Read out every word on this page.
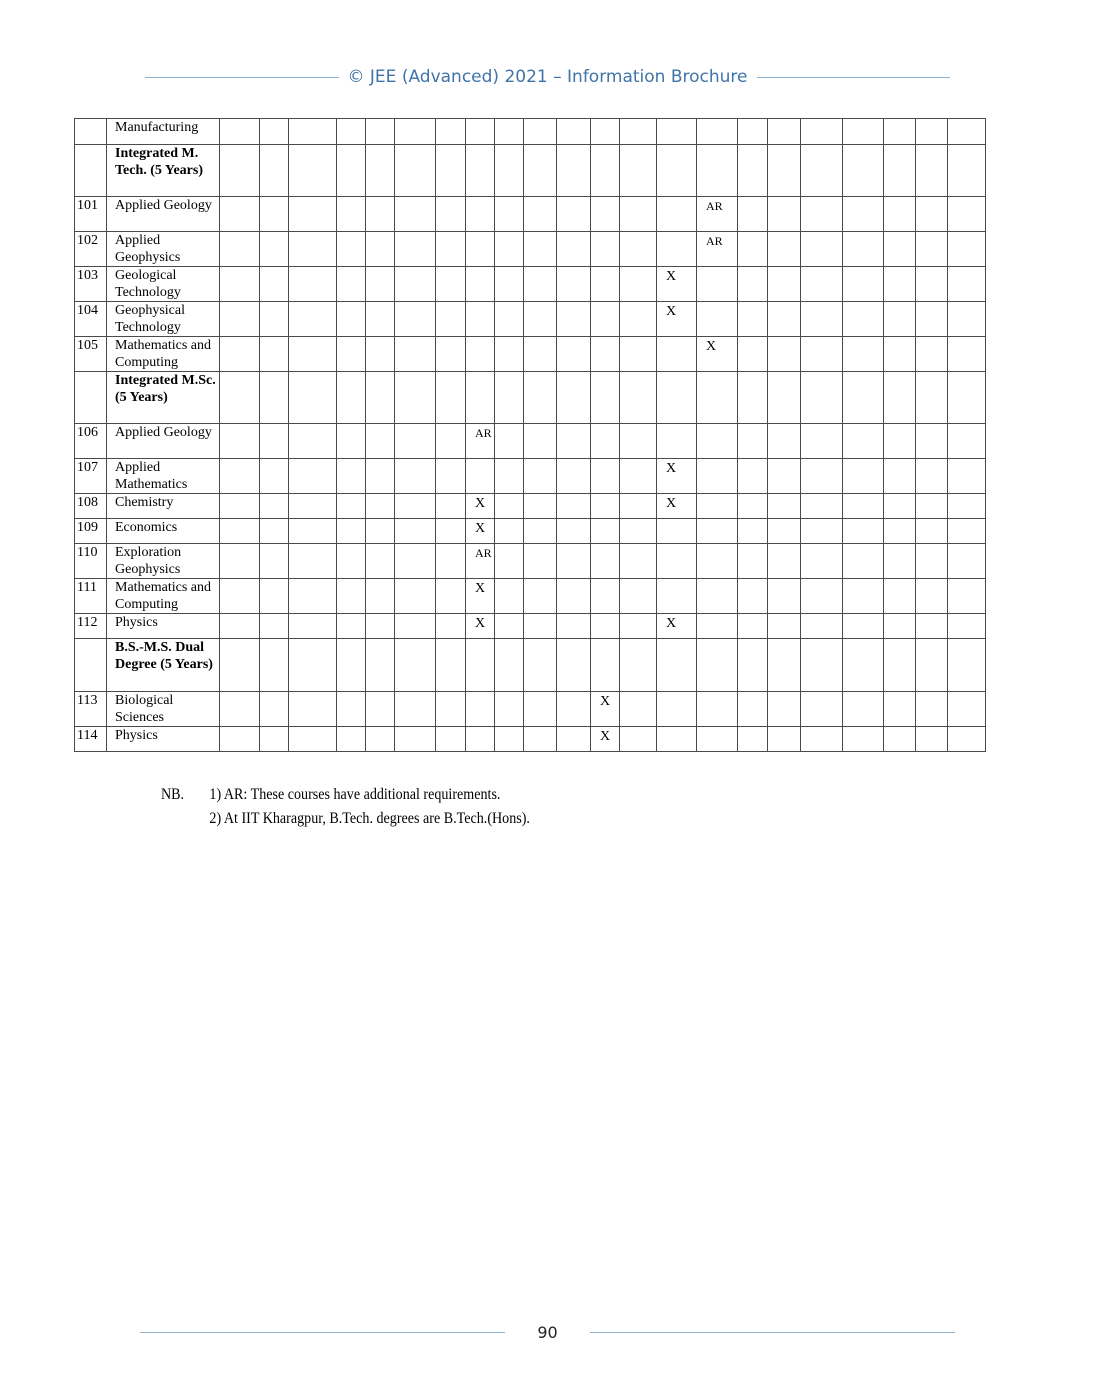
© JEE (Advanced) 2021 – Information Brochure
	Manufacturing																						
	Integrated M. Tech. (5 Years)																						
101	Applied Geology															AR							
102	Applied Geophysics															AR							
103	Geological Technology														X								
104	Geophysical Technology														X								
105	Mathematics and Computing															X							
	Integrated M.Sc. (5 Years)																						
106	Applied Geology								AR														
107	Applied Mathematics														X								
108	Chemistry								X						X								
109	Economics								X														
110	Exploration Geophysics								AR														
111	Mathematics and Computing								X														
112	Physics								X						X								
	B.S.-M.S. Dual Degree (5 Years)																						
113	Biological Sciences												X										
114	Physics												X										
NB. 1) AR: These courses have additional requirements.
2) At IIT Kharagpur, B.Tech. degrees are B.Tech.(Hons).
90
